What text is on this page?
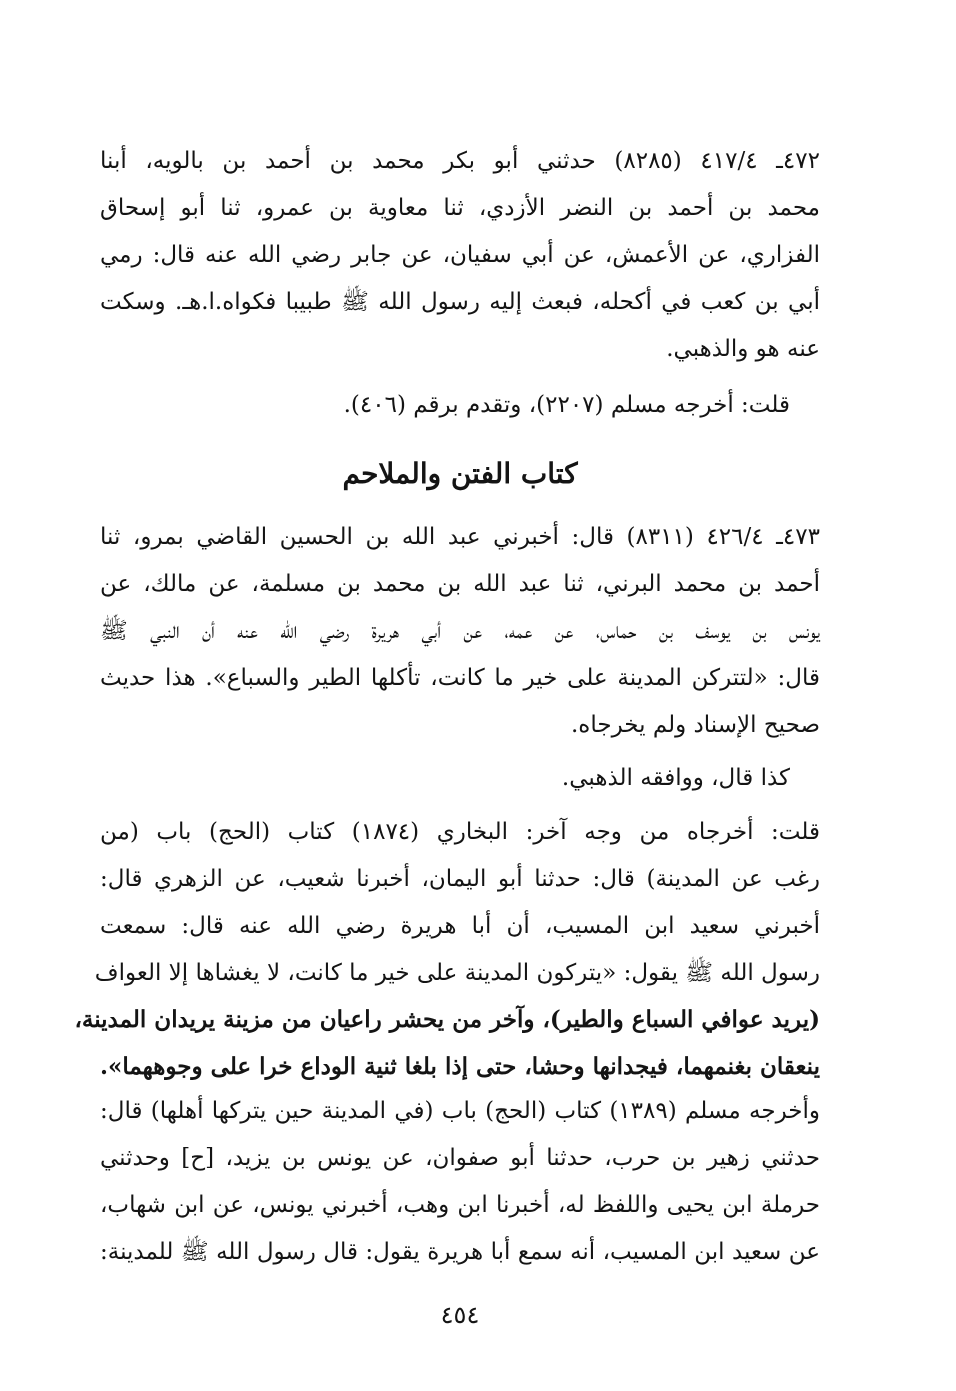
٤٧٢ـ ٤١٧/٤ (٨٢٨٥) حدثني أبو بكر محمد بن أحمد بن بالويه، أبنا
محمد بن أحمد بن النضر الأزدي، ثنا معاوية بن عمرو، ثنا أبو إسحاق
الفزاري، عن الأعمش، عن أبي سفيان، عن جابر رضي الله عنه قال: رمي
أبي بن كعب في أكحله، فبعث إليه رسول الله ﷺ طبيبا فكواه.ا.هـ. وسكت
عنه هو والذهبي.
قلت: أخرجه مسلم (٢٢٠٧)، وتقدم برقم (٤٠٦).
كتاب الفتن والملاحم
٤٧٣ـ ٤٢٦/٤ (٨٣١١) قال: أخبرني عبد الله بن الحسين القاضي بمرو، ثنا
أحمد بن محمد البرني، ثنا عبد الله بن محمد بن مسلمة، عن مالك، عن
يونس بن يوسف بن حماس، عن عمه، عن أبي هريرة رضي الله عنه أن النبي ﷺ
قال: «لتتركن المدينة على خير ما كانت، تأكلها الطير والسباع». هذا حديث
صحيح الإسناد ولم يخرجاه.
كذا قال، ووافقه الذهبي.
قلت: أخرجاه من وجه آخر: البخاري (١٨٧٤) كتاب (الحج) باب (من
رغب عن المدينة) قال: حدثنا أبو اليمان، أخبرنا شعيب، عن الزهري قال:
أخبرني سعيد ابن المسيب، أن أبا هريرة رضي الله عنه قال: سمعت
رسول الله ﷺ يقول: «يتركون المدينة على خير ما كانت، لا يغشاها إلا العواف
(يريد عوافي السباع والطير)، وآخر من يحشر راعيان من مزينة يريدان المدينة،
ينعقان بغنمهما، فيجدانها وحشا، حتى إذا بلغا ثنية الوداع خرا على وجوههما».
وأخرجه مسلم (١٣٨٩) كتاب (الحج) باب (في المدينة حين يتركها أهلها) قال:
حدثني زهير بن حرب، حدثنا أبو صفوان، عن يونس بن يزيد، [ح] وحدثني
حرملة ابن يحيى واللفظ له، أخبرنا ابن وهب، أخبرني يونس، عن ابن شهاب،
عن سعيد ابن المسيب، أنه سمع أبا هريرة يقول: قال رسول الله ﷺ للمدينة:
٤٥٤
